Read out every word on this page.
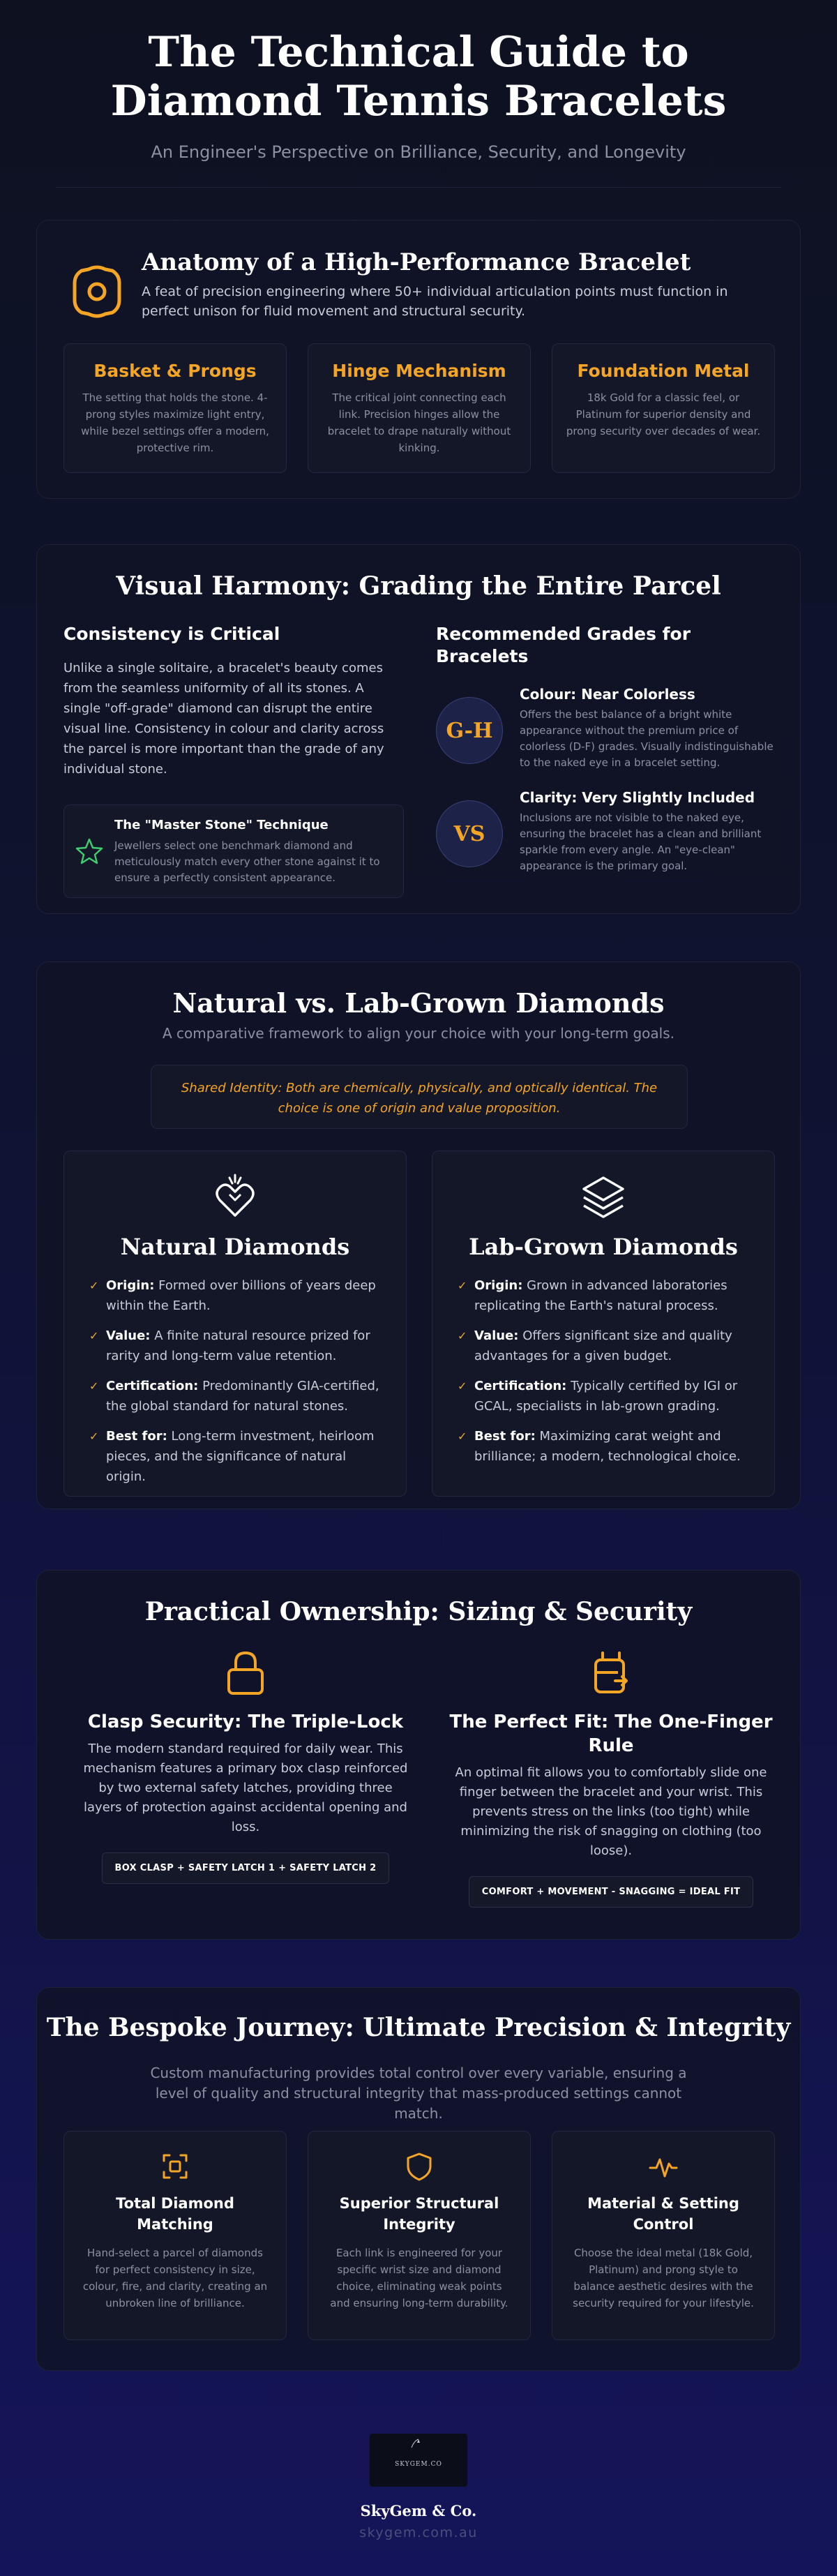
The Technical Guide to Diamond Tennis Bracelets

An Engineer's Perspective on Brilliance, Security, and Longevity

Anatomy of a High-Performance Bracelet

A feat of precision engineering where 50+ individual articulation points must function in perfect unison for fluid movement and structural security.

Basket & Prongs
The setting that holds the stone. 4-prong styles maximize light entry, while bezel settings offer a modern, protective rim.
Hinge Mechanism
The critical joint connecting each link. Precision hinges allow the bracelet to drape naturally without kinking.
Foundation Metal
18k Gold for a classic feel, or Platinum for superior density and prong security over decades of wear.
Visual Harmony: Grading the Entire Parcel
Consistency is Critical

Unlike a single solitaire, a bracelet's beauty comes from the seamless uniformity of all its stones. A single "off-grade" diamond can disrupt the entire visual line. Consistency in colour and clarity across the parcel is more important than the grade of any individual stone.

The "Master Stone" Technique
Jewellers select one benchmark diamond and meticulously match every other stone against it to ensure a perfectly consistent appearance.
Recommended Grades for Bracelets
G-H
Colour: Near Colorless
Offers the best balance of a bright white appearance without the premium price of colorless (D-F) grades. Visually indistinguishable to the naked eye in a bracelet setting.
VS
Clarity: Very Slightly Included
Inclusions are not visible to the naked eye, ensuring the bracelet has a clean and brilliant sparkle from every angle. An "eye-clean" appearance is the primary goal.
Natural vs. Lab-Grown Diamonds

A comparative framework to align your choice with your long-term goals.

Shared Identity: Both are chemically, physically, and optically identical. The choice is one of origin and value proposition.
Natural Diamonds
✓ Origin: Formed over billions of years deep within the Earth.
✓ Value: A finite natural resource prized for rarity and long-term value retention.
✓ Certification: Predominantly GIA-certified, the global standard for natural stones.
✓ Best for: Long-term investment, heirloom pieces, and the significance of natural origin.
Lab-Grown Diamonds
✓ Origin: Grown in advanced laboratories replicating the Earth's natural process.
✓ Value: Offers significant size and quality advantages for a given budget.
✓ Certification: Typically certified by IGI or GCAL, specialists in lab-grown grading.
✓ Best for: Maximizing carat weight and brilliance; a modern, technological choice.
Practical Ownership: Sizing & Security
Clasp Security: The Triple-Lock

The modern standard required for daily wear. This mechanism features a primary box clasp reinforced by two external safety latches, providing three layers of protection against accidental opening and loss.

BOX CLASP + SAFETY LATCH 1 + SAFETY LATCH 2
The Perfect Fit: The One-Finger Rule

An optimal fit allows you to comfortably slide one finger between the bracelet and your wrist. This prevents stress on the links (too tight) while minimizing the risk of snagging on clothing (too loose).

COMFORT + MOVEMENT - SNAGGING = IDEAL FIT
The Bespoke Journey: Ultimate Precision & Integrity

Custom manufacturing provides total control over every variable, ensuring a level of quality and structural integrity that mass-produced settings cannot match.

Total Diamond Matching
Hand-select a parcel of diamonds for perfect consistency in size, colour, fire, and clarity, creating an unbroken line of brilliance.
Superior Structural Integrity
Each link is engineered for your specific wrist size and diamond choice, eliminating weak points and ensuring long-term durability.
Material & Setting Control
Choose the ideal metal (18k Gold, Platinum) and prong style to balance aesthetic desires with the security required for your lifestyle.
SKYGEM.CO
SkyGem & Co.
skygem.com.au
